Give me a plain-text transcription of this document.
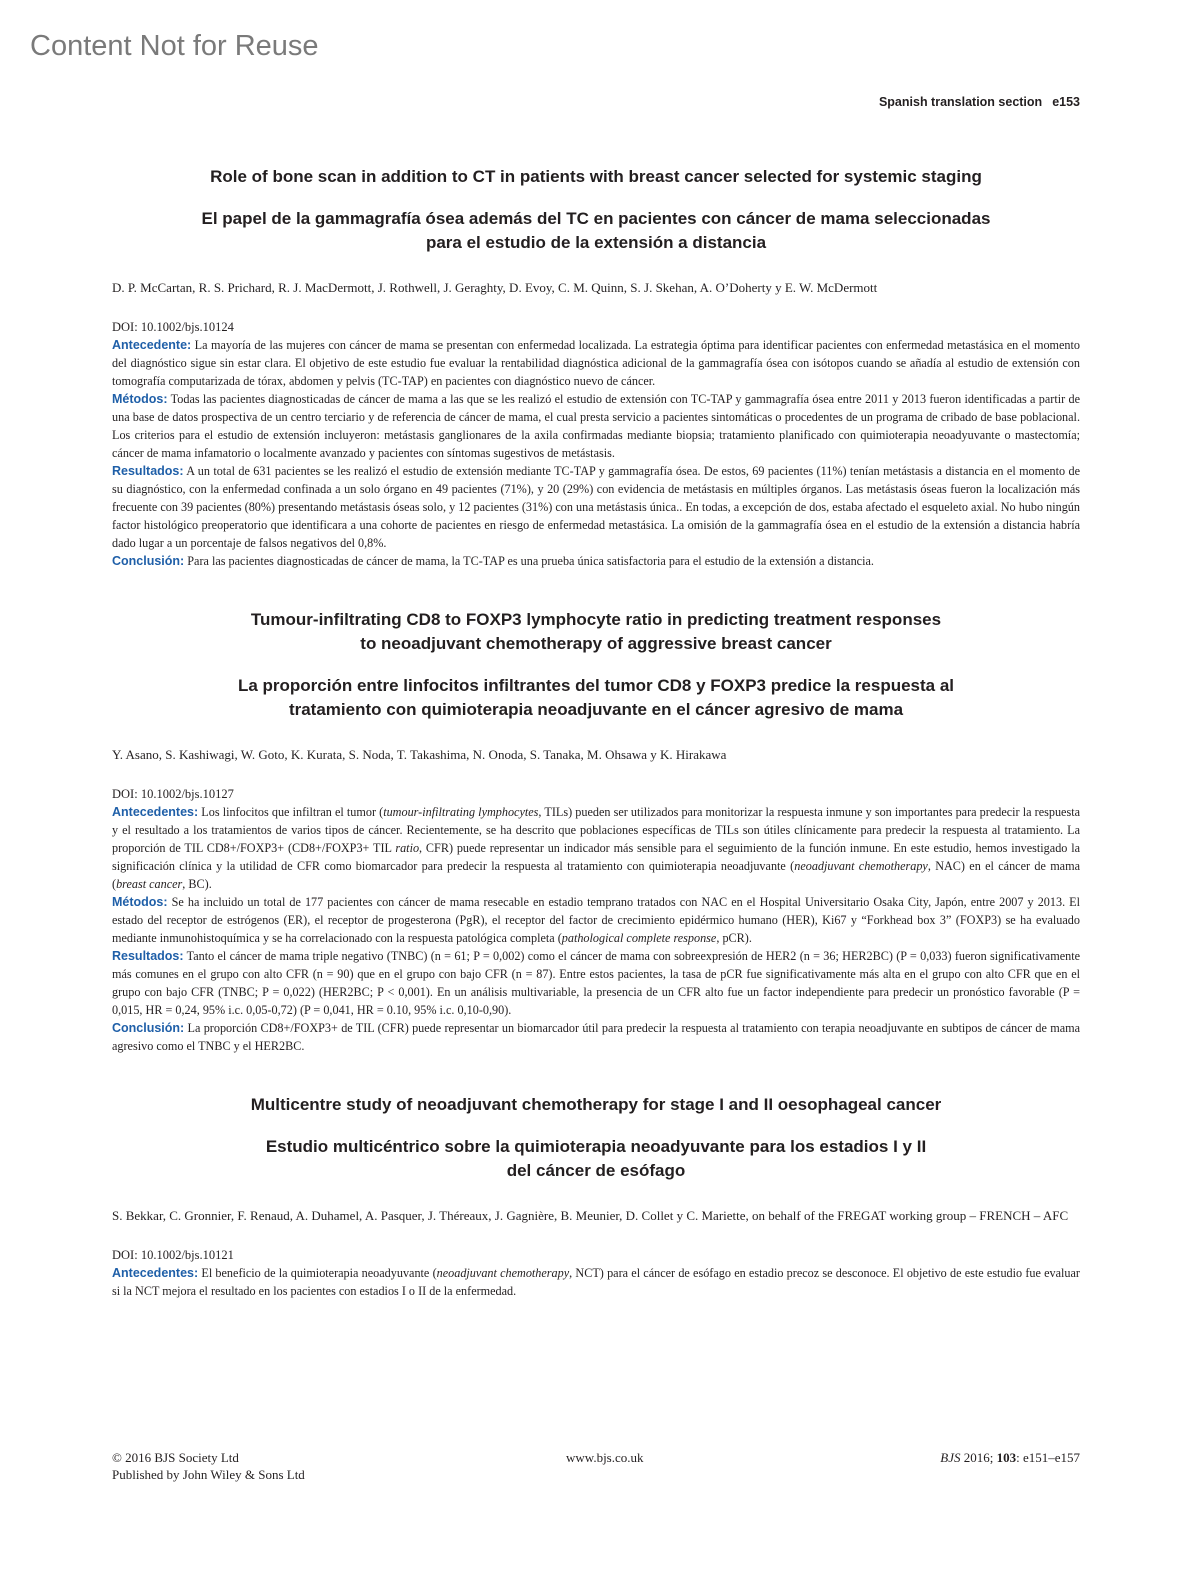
Content Not for Reuse
Spanish translation section e153
Role of bone scan in addition to CT in patients with breast cancer selected for systemic staging
El papel de la gammagrafía ósea además del TC en pacientes con cáncer de mama seleccionadas para el estudio de la extensión a distancia
D. P. McCartan, R. S. Prichard, R. J. MacDermott, J. Rothwell, J. Geraghty, D. Evoy, C. M. Quinn, S. J. Skehan, A. O’Doherty y E. W. McDermott
DOI: 10.1002/bjs.10124

Antecedente: La mayoría de las mujeres con cáncer de mama se presentan con enfermedad localizada. La estrategia óptima para identificar pacientes con enfermedad metastásica en el momento del diagnóstico sigue sin estar clara. El objetivo de este estudio fue evaluar la rentabilidad diagnóstica adicional de la gammagrafía ósea con isótopos cuando se añadía al estudio de extensión con tomografía computarizada de tórax, abdomen y pelvis (TC-TAP) en pacientes con diagnóstico nuevo de cáncer.

Métodos: Todas las pacientes diagnosticadas de cáncer de mama a las que se les realizó el estudio de extensión con TC-TAP y gammagrafía ósea entre 2011 y 2013 fueron identificadas a partir de una base de datos prospectiva de un centro terciario y de referencia de cáncer de mama, el cual presta servicio a pacientes sintomáticas o procedentes de un programa de cribado de base poblacional. Los criterios para el estudio de extensión incluyeron: metástasis ganglionares de la axila confirmadas mediante biopsia; tratamiento planificado con quimioterapia neoadyuvante o mastectomía; cáncer de mama infamatorio o localmente avanzado y pacientes con síntomas sugestivos de metástasis.

Resultados: A un total de 631 pacientes se les realizó el estudio de extensión mediante TC-TAP y gammagrafía ósea. De estos, 69 pacientes (11%) tenían metástasis a distancia en el momento de su diagnóstico, con la enfermedad confinada a un solo órgano en 49 pacientes (71%), y 20 (29%) con evidencia de metástasis en múltiples órganos. Las metástasis óseas fueron la localización más frecuente con 39 pacientes (80%) presentando metástasis óseas solo, y 12 pacientes (31%) con una metástasis única.. En todas, a excepción de dos, estaba afectado el esqueleto axial. No hubo ningún factor histológico preoperatorio que identificara a una cohorte de pacientes en riesgo de enfermedad metastásica. La omisión de la gammagrafía ósea en el estudio de la extensión a distancia habría dado lugar a un porcentaje de falsos negativos del 0,8%.

Conclusión: Para las pacientes diagnosticadas de cáncer de mama, la TC-TAP es una prueba única satisfactoria para el estudio de la extensión a distancia.

Tumour-infiltrating CD8 to FOXP3 lymphocyte ratio in predicting treatment responses
to neoadjuvant chemotherapy of aggressive breast cancer
La proporción entre linfocitos infiltrantes del tumor CD8 y FOXP3 predice la respuesta al
tratamiento con quimioterapia neoadjuvante en el cáncer agresivo de mama
Y. Asano, S. Kashiwagi, W. Goto, K. Kurata, S. Noda, T. Takashima, N. Onoda, S. Tanaka, M. Ohsawa y K. Hirakawa
DOI: 10.1002/bjs.10127

Antecedentes: Los linfocitos que infiltran el tumor (tumour-infiltrating lymphocytes, TILs) pueden ser utilizados para monitorizar la respuesta inmune y son importantes para predecir la respuesta y el resultado a los tratamientos de varios tipos de cáncer. Recientemente, se ha descrito que poblaciones específicas de TILs son útiles clínicamente para predecir la respuesta al tratamiento. La proporción de TIL CD8+/FOXP3+ (CD8+/FOXP3+ TIL ratio, CFR) puede representar un indicador más sensible para el seguimiento de la función inmune. En este estudio, hemos investigado la significación clínica y la utilidad de CFR como biomarcador para predecir la respuesta al tratamiento con quimioterapia neoadjuvante (neoadjuvant chemotherapy, NAC) en el cáncer de mama (breast cancer, BC).

Métodos: Se ha incluido un total de 177 pacientes con cáncer de mama resecable en estadio temprano tratados con NAC en el Hospital Universitario Osaka City, Japón, entre 2007 y 2013. El estado del receptor de estrógenos (ER), el receptor de progesterona (PgR), el receptor del factor de crecimiento epidérmico humano (HER), Ki67 y “Forkhead box 3” (FOXP3) se ha evaluado mediante inmunohistoquímica y se ha correlacionado con la respuesta patológica completa (pathological complete response, pCR).

Resultados: Tanto el cáncer de mama triple negativo (TNBC) (n = 61; P = 0,002) como el cáncer de mama con sobreexpresión de HER2 (n = 36; HER2BC) (P = 0,033) fueron significativamente más comunes en el grupo con alto CFR (n = 90) que en el grupo con bajo CFR (n = 87). Entre estos pacientes, la tasa de pCR fue significativamente más alta en el grupo con alto CFR que en el grupo con bajo CFR (TNBC; P = 0,022) (HER2BC; P < 0,001). En un análisis multivariable, la presencia de un CFR alto fue un factor independiente para predecir un pronóstico favorable (P = 0,015, HR = 0,24, 95% i.c. 0,05-0,72) (P = 0,041, HR = 0.10, 95% i.c. 0,10-0,90).

Conclusión: La proporción CD8+/FOXP3+ de TIL (CFR) puede representar un biomarcador útil para predecir la respuesta al tratamiento con terapia neoadjuvante en subtipos de cáncer de mama agresivo como el TNBC y el HER2BC.

Multicentre study of neoadjuvant chemotherapy for stage I and II oesophageal cancer
Estudio multicéntrico sobre la quimioterapia neoadyuvante para los estadios I y II
del cáncer de esófago
S. Bekkar, C. Gronnier, F. Renaud, A. Duhamel, A. Pasquer, J. Théreaux, J. Gagnière, B. Meunier, D. Collet y C. Mariette, on behalf of the FREGAT working group – FRENCH – AFC
DOI: 10.1002/bjs.10121

Antecedentes: El beneficio de la quimioterapia neoadyuvante (neoadjuvant chemotherapy, NCT) para el cáncer de esófago en estadio precoz se desconoce. El objetivo de este estudio fue evaluar si la NCT mejora el resultado en los pacientes con estadios I o II de la enfermedad.

© 2016 BJS Society Ltd
Published by John Wiley & Sons Ltd
www.bjs.co.uk	BJS 2016; 103: e151–e157
